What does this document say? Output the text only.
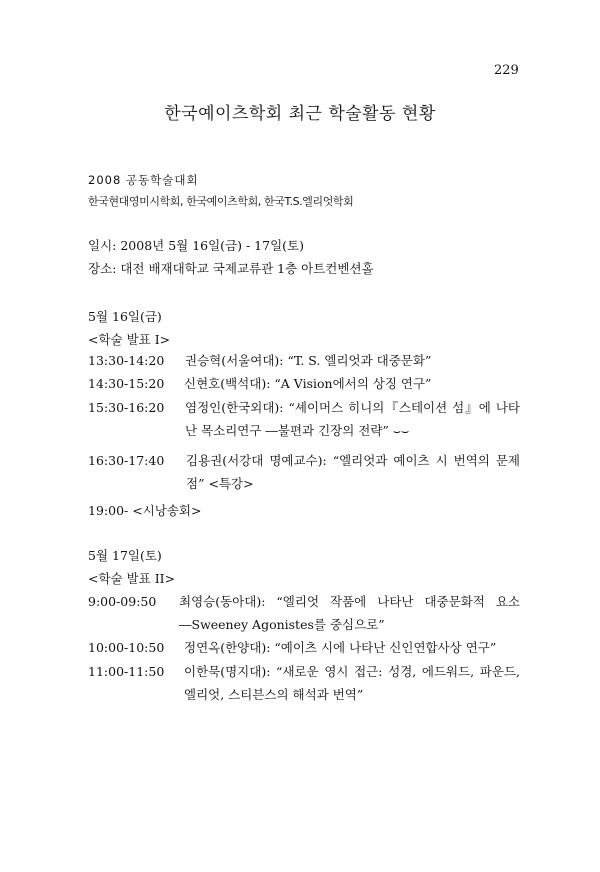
229
한국예이츠학회 최근 학술활동 현황
2008 공동학술대회
한국현대영미시학회, 한국예이츠학회, 한국T.S.엘리엇학회
일시: 2008년 5월 16일(금) - 17일(토)
장소: 대전 배재대학교 국제교류관 1층 아트컨벤션홀
5월 16일(금)
<학술 발표 I>
13:30-14:20 권승혁(서울여대): “T. S. 엘리엇과 대중문화”
14:30-15:20 신현호(백석대): “A Vision에서의 상징 연구”
15:30-16:20 염정인(한국외대): “셰이머스 히니의『스테이션 섬』에 나타난 목소리연구 ―불편과 긴장의 전략” ⌣⌣
16:30-17:40 김용권(서강대 명예교수): “엘리엇과 예이츠 시 번역의 문제점” <특강>
19:00- <시낭송회>
5월 17일(토)
<학술 발표 II>
9:00-09:50 최영승(동아대): “엘리엇 작품에 나타난 대중문화적 요소 ―Sweeney Agonistes를 중심으로”
10:00-10:50 정연옥(한양대): “예이츠 시에 나타난 신인연합사상 연구”
11:00-11:50 이한묵(명지대): “새로운 영시 접근: 성경, 에드워드, 파운드, 엘리엇, 스티븐스의 해석과 번역”
